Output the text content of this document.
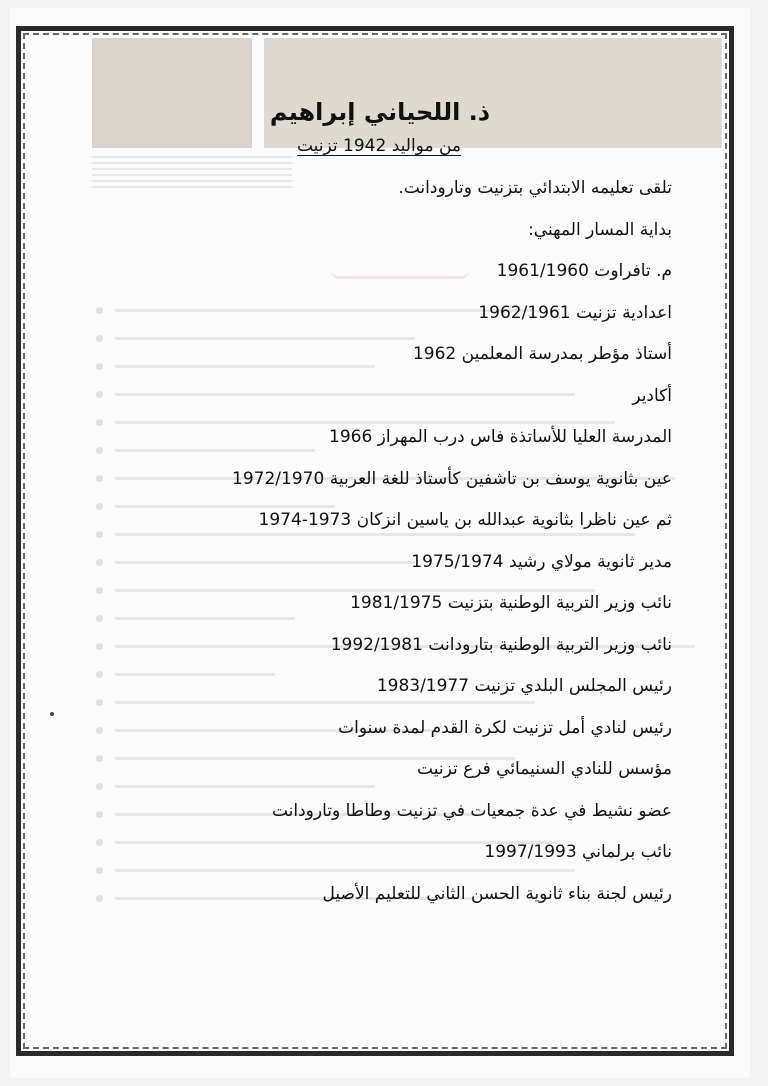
ذ. اللحياني إبراهيم
من مواليد 1942 تزنيت
تلقى تعليمه الابتدائي بتزنيت وتارودانت.
بداية المسار المهني:
م. تافراوت 1961/1960
اعدادية تزنيت 1962/1961
أستاذ مؤطر بمدرسة المعلمين 1962
أكادير
المدرسة العليا للأساتذة فاس درب المهراز 1966
عين بثانوية يوسف بن تاشفين كأستاذ للغة العربية 1972/1970
ثم عين ناظرا بثانوية عبدالله بن ياسين انزكان 1973-1974
مدير ثانوية مولاي رشيد 1975/1974
نائب وزير التربية الوطنية بتزنيت 1981/1975
نائب وزير التربية الوطنية بتارودانت 1992/1981
رئيس المجلس البلدي تزنيت 1983/1977
رئيس لنادي أمل تزنيت لكرة القدم لمدة سنوات
مؤسس للنادي السنيمائي فرع تزنيت
عضو نشيط في عدة جمعيات في تزنيت وطاطا وتارودانت
نائب برلماني 1997/1993
رئيس لجنة بناء ثانوية الحسن الثاني للتعليم الأصيل
